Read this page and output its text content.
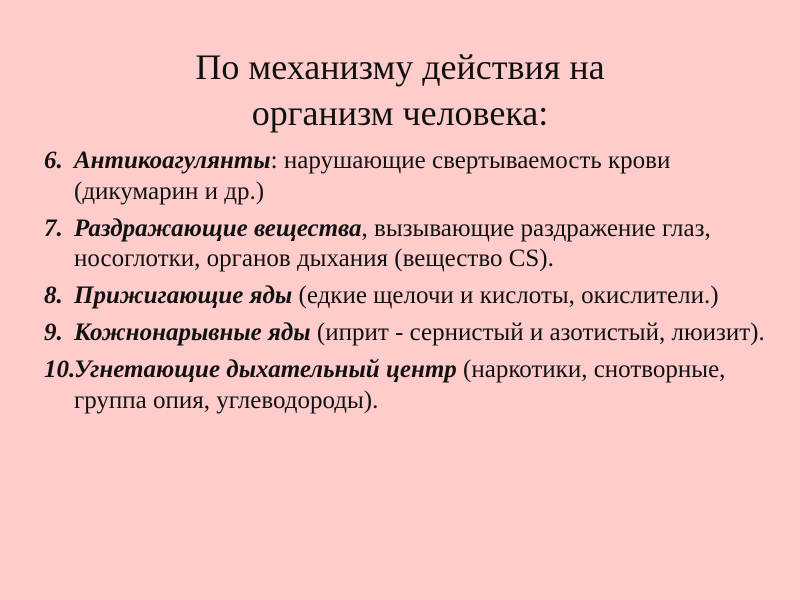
По механизму действия на
организм человека:
6. Антикоагулянты: нарушающие свертываемость крови (дикумарин и др.)
7. Раздражающие вещества, вызывающие раздражение глаз, носоглотки, органов дыхания (вещество CS).
8. Прижигающие яды (едкие щелочи и кислоты, окислители.)
9. Кожнонарывные яды (иприт - сернистый и азотистый, люизит).
10.
Угнетающие дыхательный центр (наркотики, снотворные, группа опия, углеводороды).
